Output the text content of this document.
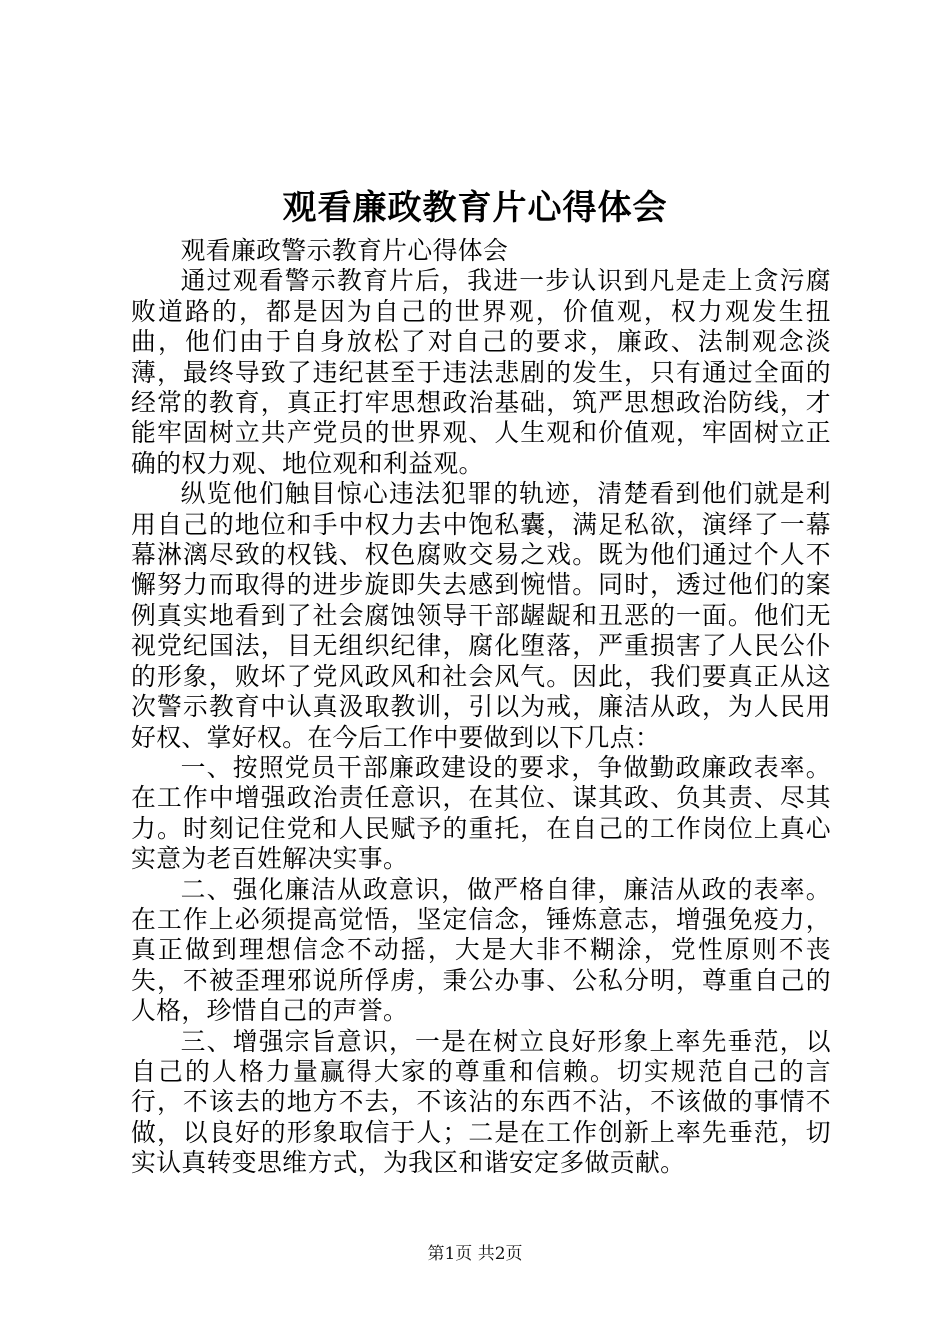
观看廉政教育片心得体会

观看廉政警示教育片心得体会

通过观看警示教育片后，我进一步认识到凡是走上贪污腐败道路的，都是因为自己的世界观，价值观，权力观发生扭曲，他们由于自身放松了对自己的要求，廉政、法制观念淡薄，最终导致了违纪甚至于违法悲剧的发生，只有通过全面的经常的教育，真正打牢思想政治基础，筑严思想政治防线，才能牢固树立共产党员的世界观、人生观和价值观，牢固树立正确的权力观、地位观和利益观。

纵览他们触目惊心违法犯罪的轨迹，清楚看到他们就是利用自己的地位和手中权力去中饱私囊，满足私欲，演绎了一幕幕淋漓尽致的权钱、权色腐败交易之戏。既为他们通过个人不懈努力而取得的进步旋即失去感到惋惜。同时，透过他们的案例真实地看到了社会腐蚀领导干部龌龊和丑恶的一面。他们无视党纪国法，目无组织纪律，腐化堕落，严重损害了人民公仆的形象，败坏了党风政风和社会风气。因此，我们要真正从这次警示教育中认真汲取教训，引以为戒，廉洁从政，为人民用好权、掌好权。在今后工作中要做到以下几点：

一、按照党员干部廉政建设的要求，争做勤政廉政表率。在工作中增强政治责任意识，在其位、谋其政、负其责、尽其力。时刻记住党和人民赋予的重托，在自己的工作岗位上真心实意为老百姓解决实事。

二、强化廉洁从政意识，做严格自律，廉洁从政的表率。在工作上必须提高觉悟，坚定信念，锤炼意志，增强免疫力，真正做到理想信念不动摇，大是大非不糊涂，党性原则不丧失，不被歪理邪说所俘虏，秉公办事、公私分明，尊重自己的人格，珍惜自己的声誉。

三、增强宗旨意识，一是在树立良好形象上率先垂范，以自己的人格力量赢得大家的尊重和信赖。切实规范自己的言行，不该去的地方不去，不该沾的东西不沾，不该做的事情不做，以良好的形象取信于人；二是在工作创新上率先垂范，切实认真转变思维方式，为我区和谐安定多做贡献。

第1页 共2页
